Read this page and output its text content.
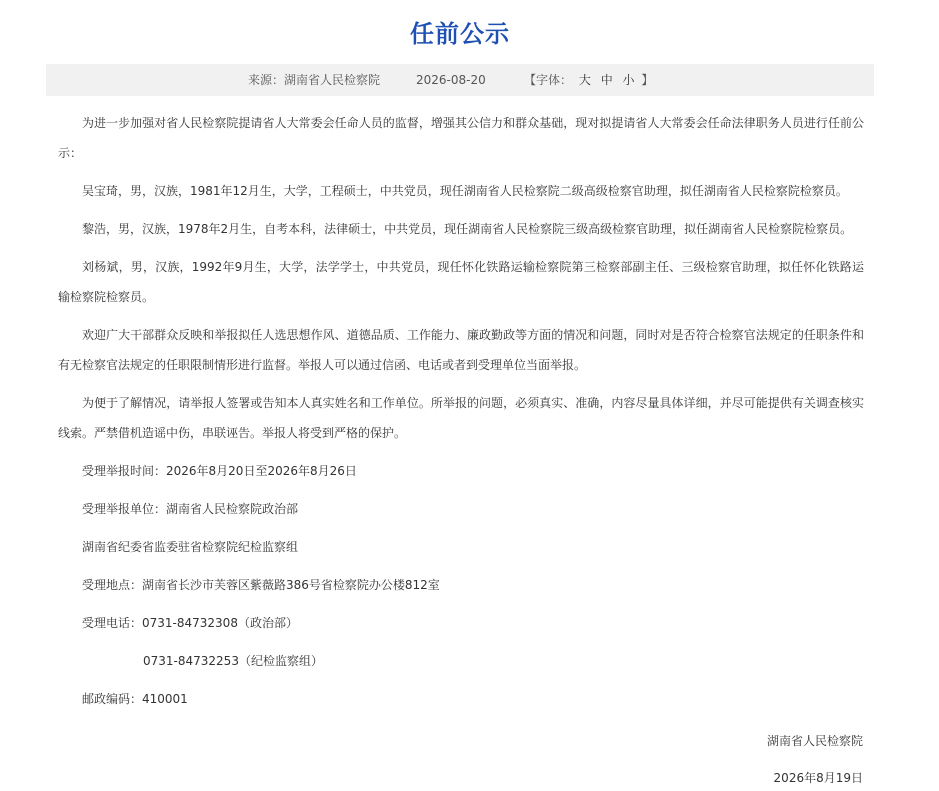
任前公示
来源：湖南省人民检察院	2026-08-20	【字体： 大 中 小 】

为进一步加强对省人民检察院提请省人大常委会任命人员的监督，增强其公信力和群众基础，现对拟提请省人大常委会任命法律职务人员进行任前公示：

吴宝琦，男，汉族，1981年12月生，大学，工程硕士，中共党员，现任湖南省人民检察院二级高级检察官助理，拟任湖南省人民检察院检察员。

黎浩，男，汉族，1978年2月生，自考本科，法律硕士，中共党员，现任湖南省人民检察院三级高级检察官助理，拟任湖南省人民检察院检察员。

刘杨斌，男，汉族，1992年9月生，大学，法学学士，中共党员，现任怀化铁路运输检察院第三检察部副主任、三级检察官助理，拟任怀化铁路运输检察院检察员。

欢迎广大干部群众反映和举报拟任人选思想作风、道德品质、工作能力、廉政勤政等方面的情况和问题，同时对是否符合检察官法规定的任职条件和有无检察官法规定的任职限制情形进行监督。举报人可以通过信函、电话或者到受理单位当面举报。

为便于了解情况，请举报人签署或告知本人真实姓名和工作单位。所举报的问题，必须真实、准确，内容尽量具体详细，并尽可能提供有关调查核实线索。严禁借机造谣中伤，串联诬告。举报人将受到严格的保护。

受理举报时间：2026年8月20日至2026年8月26日

受理举报单位：湖南省人民检察院政治部

湖南省纪委省监委驻省检察院纪检监察组

受理地点：湖南省长沙市芙蓉区紫薇路386号省检察院办公楼812室

受理电话：0731-84732308（政治部）

0731-84732253（纪检监察组）

邮政编码：410001

湖南省人民检察院
2026年8月19日
